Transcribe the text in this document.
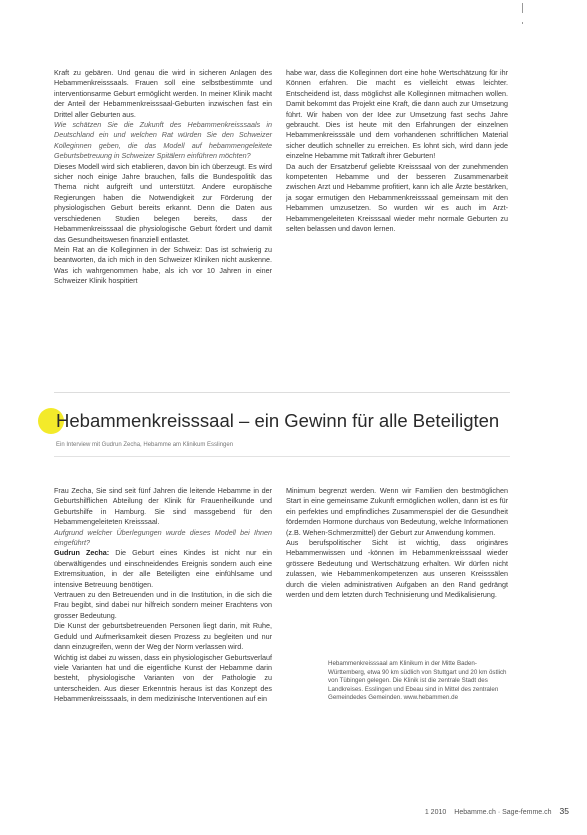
Kraft zu gebären. Und genau die wird in sicheren Anlagen des Hebammenkreisssaals. Frauen soll eine selbstbestimmte und interventionsarme Geburt ermöglicht werden. In meiner Klinik macht der Anteil der Hebammenkreisssaal-Geburten inzwischen fast ein Drittel aller Geburten aus.

Wie schätzen Sie die Zukunft des Hebammenkreisssaals in Deutschland ein und welchen Rat würden Sie den Schweizer Kolleginnen geben, die das Modell auf hebammengeleitete Geburtsbetreuung in Schweizer Spitälern einführen möchten?

Dieses Modell wird sich etablieren, davon bin ich überzeugt. Es wird sicher noch einige Jahre brauchen, falls die Bundespolitik das Thema nicht aufgreift und unterstützt. Andere europäische Regierungen haben die Notwendigkeit zur Förderung der physiologischen Geburt bereits erkannt. Denn die Daten aus verschiedenen Studien belegen bereits, dass der Hebammenkreisssaal die physiologische Geburt fördert und damit das Gesundheitswesen finanziell entlastet.

Mein Rat an die Kolleginnen in der Schweiz: Das ist schwierig zu beantworten, da ich mich in den Schweizer Kliniken nicht auskenne. Was ich wahrgenommen habe, als ich vor 10 Jahren in einer Schweizer Klinik hospitiert

habe war, dass die Kolleginnen dort eine hohe Wertschätzung für ihr Können erfahren. Die macht es vielleicht etwas leichter. Entscheidend ist, dass möglichst alle Kolleginnen mitmachen wollen. Damit bekommt das Projekt eine Kraft, die dann auch zur Umsetzung führt. Wir haben von der Idee zur Umsetzung fast sechs Jahre gebraucht. Dies ist heute mit den Erfahrungen der einzelnen Hebammenkreisssäle und dem vorhandenen schriftlichen Material sicher deutlich schneller zu erreichen. Es lohnt sich, wird dann jede einzelne Hebamme mit Tatkraft ihrer Geburten!

Da auch der Ersatzberuf geliebte Kreisssaal von der zunehmenden kompetenten Hebamme und der besseren Zusammenarbeit zwischen Arzt und Hebamme profitiert, kann ich alle Ärzte bestärken, ja sogar ermutigen den Hebammenkreisssaal gemeinsam mit den Hebammen umzusetzen. So wurden wir es auch im Arzt-Hebammengeleiteten Kreisssaal wieder mehr normale Geburten zu selten belassen und davon lernen.

Hebammenkreisssaal – ein Gewinn für alle Beteiligten
Ein Interview mit Gudrun Zecha, Hebamme am Klinikum Esslingen

Frau Zecha, Sie sind seit fünf Jahren die leitende Hebamme in der Geburtshilflichen Abteilung der Klinik für Frauenheilkunde und Geburtshilfe in Hamburg. Sie sind massgebend für den Hebammengeleiteten Kreisssaal.

Aufgrund welcher Überlegungen wurde dieses Modell bei Ihnen eingeführt?

Gudrun Zecha: Die Geburt eines Kindes ist nicht nur ein überwältigendes und einschneidendes Ereignis sondern auch eine Extremsituation, in der alle Beteiligten eine einfühlsame und intensive Betreuung benötigen.

Vertrauen zu den Betreuenden und in die Institution, in die sich die Frau begibt, sind dabei nur hilfreich sondern meiner Erachtens von grosser Bedeutung.

Die Kunst der geburtsbetreuenden Personen liegt darin, mit Ruhe, Geduld und Aufmerksamkeit diesen Prozess zu begleiten und nur dann einzugreifen, wenn der Weg der Norm verlassen wird.

Wichtig ist dabei zu wissen, dass ein physiologischer Geburtsverlauf viele Varianten hat und die eigentliche Kunst der Hebamme darin besteht, physiologische Varianten von der Pathologie zu unterscheiden. Aus dieser Erkenntnis heraus ist das Konzept des Hebammenkreisssaals, in dem medizinische Interventionen auf ein

Minimum begrenzt werden. Wenn wir Familien den bestmöglichen Start in eine gemeinsame Zukunft ermöglichen wollen, dann ist es für ein perfektes und empfindliches Zusammenspiel der die Gesundheit fördernden Hormone durchaus von Bedeutung, welche Informationen (z.B. Wehen-Schmerzmittel) der Geburt zur Anwendung kommen.

Aus berufspolitischer Sicht ist wichtig, dass originäres Hebammenwissen und -können im Hebammenkreisssaal wieder grössere Bedeutung und Wertschätzung erhalten. Wir dürfen nicht zulassen, wie Hebammenkompetenzen aus unseren Kreisssälen durch die vielen administrativen Aufgaben an den Rand gedrängt werden und dem letzten durch Technisierung und Medikalisierung.

Hebammenkreisssaal am Klinikum in der Mitte Baden-Württemberg, etwa 90 km südlich von Stuttgart und 20 km östlich von Tübingen gelegen. Die Klinik ist die zentrale Stadt des Landkreises. Esslingen und Ebeau sind in Mittel des zentralen Gemeindedes Gemeinden. www.hebammen.de
1 2010 Hebamme.ch · Sage-femme.ch 35
